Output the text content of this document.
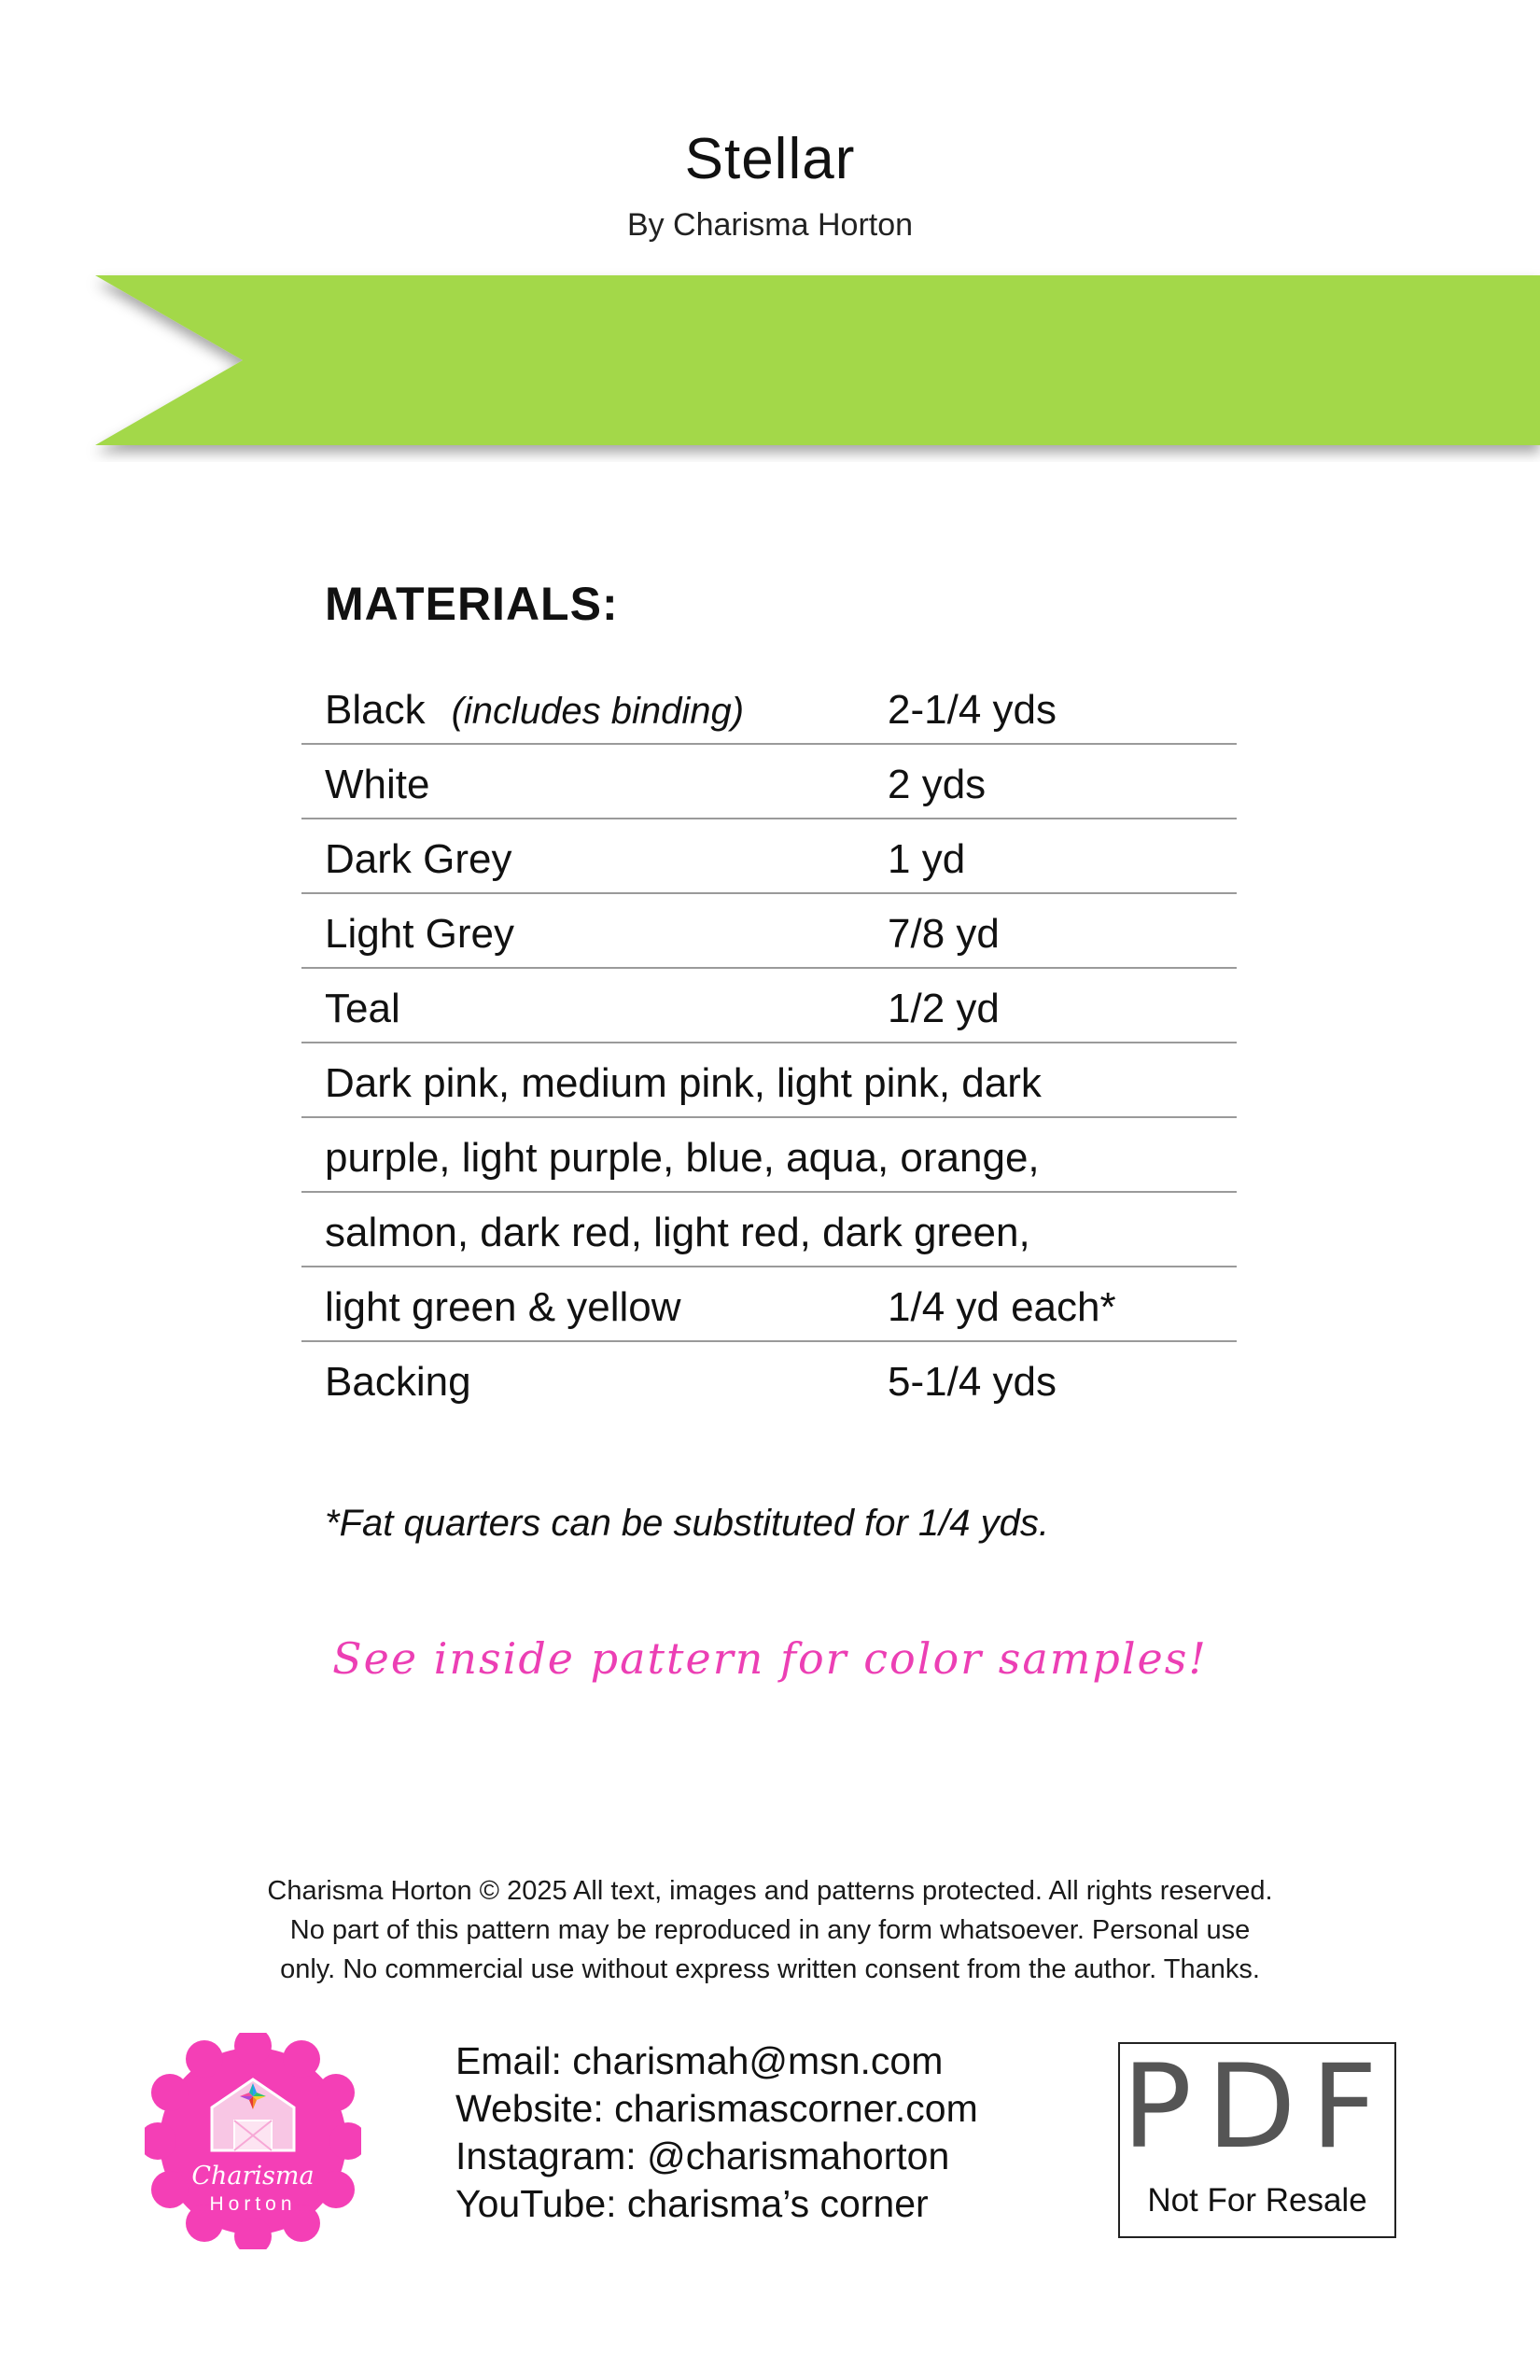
Stellar
By Charisma Horton
MATERIALS:
Black (includes binding)	2-1/4 yds
White	2 yds
Dark Grey	1 yd
Light Grey	7/8 yd
Teal	1/2 yd
Dark pink, medium pink, light pink, dark
purple, light purple, blue, aqua, orange,
salmon, dark red, light red, dark green,
light green & yellow	1/4 yd each*
Backing	5-1/4 yds
*Fat quarters can be substituted for 1/4 yds.
See inside pattern for color samples!
Charisma Horton © 2025 All text, images and patterns protected. All rights reserved.
No part of this pattern may be reproduced in any form whatsoever. Personal use
only. No commercial use without express written consent from the author. Thanks.
Charisma
Horton
Email: charismah@msn.com
Website: charismascorner.com
Instagram: @charismahorton
YouTube: charisma’s corner
PDF
Not For Resale
